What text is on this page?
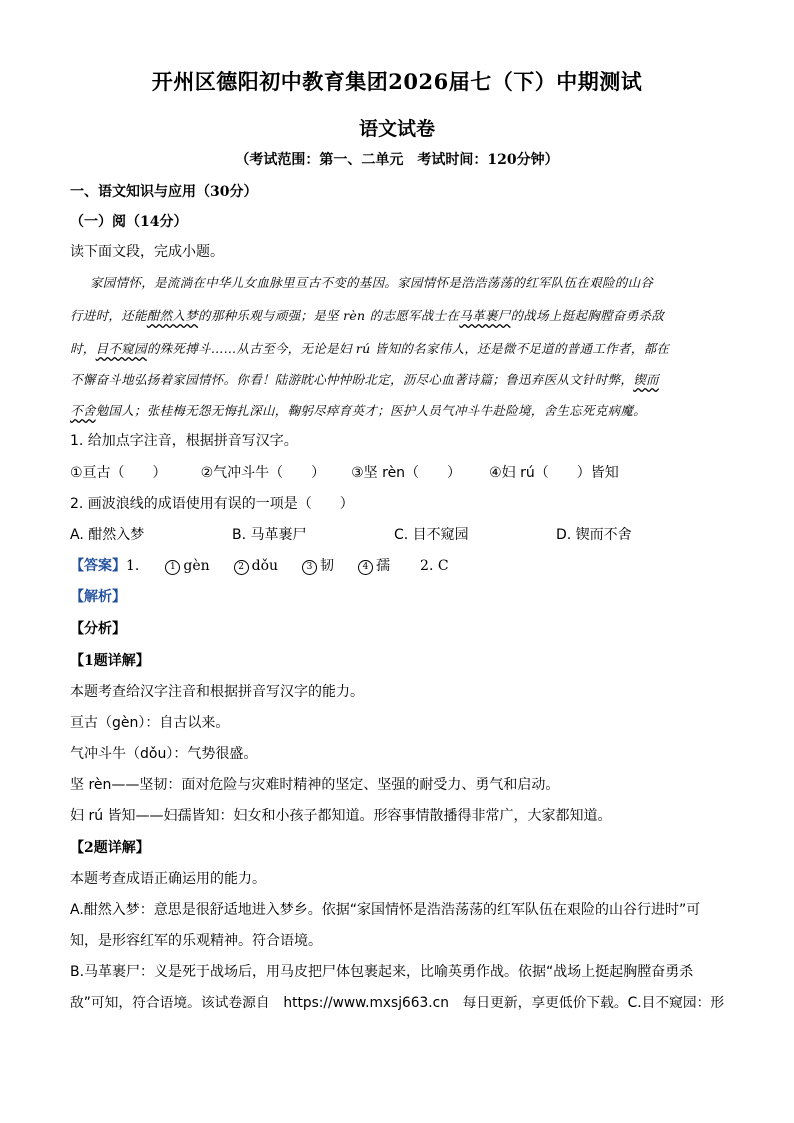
开州区德阳初中教育集团2026届七（下）中期测试
语文试卷
（考试范围：第一、二单元　考试时间：120分钟）
一、语文知识与应用（30分）
（一）阅（14分）
读下面文段，完成小题。
家园情怀，是流淌在中华儿女血脉里亘古不变的基因。家园情怀是浩浩荡荡的红军队伍在艰险的山谷
行进时，还能酣然入梦的那种乐观与顽强；是坚 rèn 的志愿军战士在马革裹尸的战场上挺起胸膛奋勇杀敌
时，目不窥园的殊死搏斗……从古至今，无论是妇 rú 皆知的名家伟人，还是微不足道的普通工作者，都在
不懈奋斗地弘扬着家园情怀。你看！陆游眈心忡忡盼北定，沥尽心血著诗篇；鲁迅弃医从文针时弊，锲而
不舍勉国人；张桂梅无怨无悔扎深山，鞠躬尽瘁育英才；医护人员气冲斗牛赴险境，舍生忘死克病魔。
1. 给加点字注音，根据拼音写汉字。
①亘古（　　） ②气冲斗牛（　　） ③坚 rèn（　　） ④妇 rú（　　）皆知
2. 画波浪线的成语使用有误的一项是（　　）
A. 酣然入梦	B. 马革裹尸	C. 目不窥园	D. 锲而不舍
【答案】1.	1 gèn	2 dǒu	3 韧	4 孺 2. C
【解析】
【分析】
【1题详解】
本题考查给汉字注音和根据拼音写汉字的能力。
亘古（gèn）：自古以来。
气冲斗牛（dǒu）：气势很盛。
坚 rèn——坚韧：面对危险与灾难时精神的坚定、坚强的耐受力、勇气和启动。
妇 rú 皆知——妇孺皆知：妇女和小孩子都知道。形容事情散播得非常广，大家都知道。
【2题详解】
本题考查成语正确运用的能力。
A.酣然入梦：意思是很舒适地进入梦乡。依据“家国情怀是浩浩荡荡的红军队伍在艰险的山谷行进时”可
知，是形容红军的乐观精神。符合语境。
B.马革裹尸：义是死于战场后，用马皮把尸体包裹起来，比喻英勇作战。依据“战场上挺起胸膛奋勇杀
敌”可知，符合语境。该试卷源自　https://www.mxsj663.cn　每日更新，享更低价下载。C.目不窥园：形
